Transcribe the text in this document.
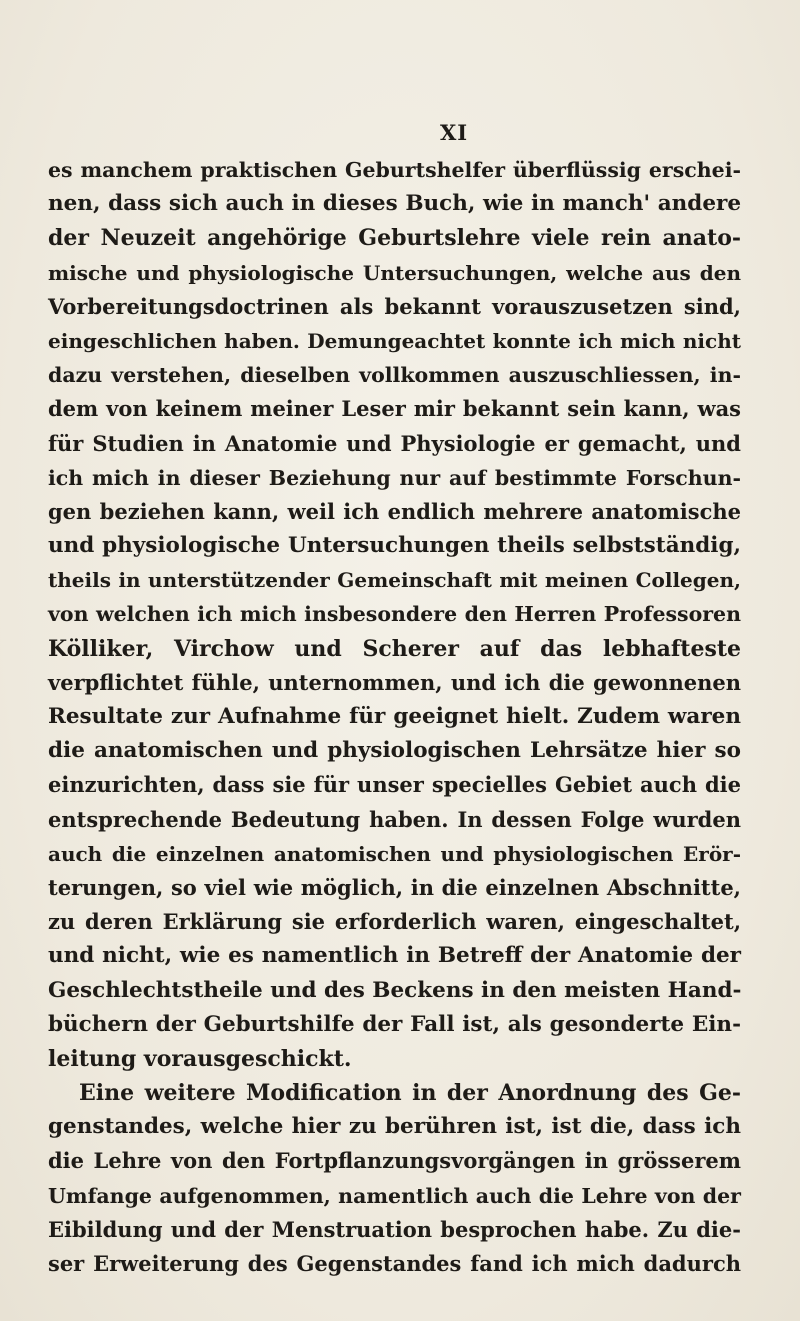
XI
es manchem praktischen Geburtshelfer überflüssig erschei-
nen, dass sich auch in dieses Buch, wie in manch' andere
der Neuzeit angehörige Geburtslehre viele rein anato-
mische und physiologische Untersuchungen, welche aus den
Vorbereitungsdoctrinen als bekannt vorauszusetzen sind,
eingeschlichen haben. Demungeachtet konnte ich mich nicht
dazu verstehen, dieselben vollkommen auszuschliessen, in-
dem von keinem meiner Leser mir bekannt sein kann, was
für Studien in Anatomie und Physiologie er gemacht, und
ich mich in dieser Beziehung nur auf bestimmte Forschun-
gen beziehen kann, weil ich endlich mehrere anatomische
und physiologische Untersuchungen theils selbstständig,
theils in unterstützender Gemeinschaft mit meinen Collegen,
von welchen ich mich insbesondere den Herren Professoren
Kölliker, Virchow und Scherer auf das lebhafteste
verpflichtet fühle, unternommen, und ich die gewonnenen
Resultate zur Aufnahme für geeignet hielt. Zudem waren
die anatomischen und physiologischen Lehrsätze hier so
einzurichten, dass sie für unser specielles Gebiet auch die
entsprechende Bedeutung haben. In dessen Folge wurden
auch die einzelnen anatomischen und physiologischen Erör-
terungen, so viel wie möglich, in die einzelnen Abschnitte,
zu deren Erklärung sie erforderlich waren, eingeschaltet,
und nicht, wie es namentlich in Betreff der Anatomie der
Geschlechtstheile und des Beckens in den meisten Hand-
büchern der Geburtshilfe der Fall ist, als gesonderte Ein-
leitung vorausgeschickt.
Eine weitere Modification in der Anordnung des Ge-
genstandes, welche hier zu berühren ist, ist die, dass ich
die Lehre von den Fortpflanzungsvorgängen in grösserem
Umfange aufgenommen, namentlich auch die Lehre von der
Eibildung und der Menstruation besprochen habe. Zu die-
ser Erweiterung des Gegenstandes fand ich mich dadurch
